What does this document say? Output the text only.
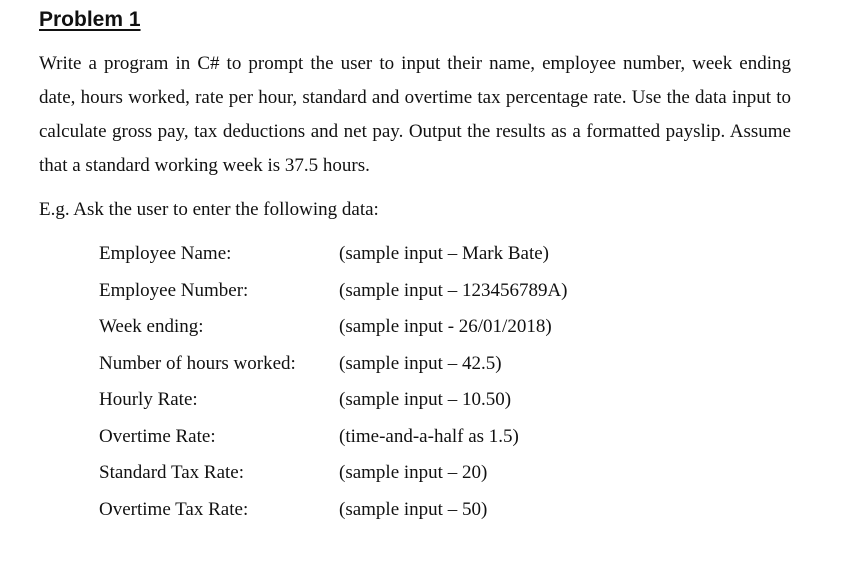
Problem 1

Write a program in C# to prompt the user to input their name, employee number, week ending date, hours worked, rate per hour, standard and overtime tax percentage rate. Use the data input to calculate gross pay, tax deductions and net pay. Output the results as a formatted payslip. Assume that a standard working week is 37.5 hours.

E.g. Ask the user to enter the following data:

Employee Name:	(sample input – Mark Bate)
Employee Number:	(sample input – 123456789A)
Week ending:	(sample input - 26/01/2018)
Number of hours worked:	(sample input – 42.5)
Hourly Rate:	(sample input – 10.50)
Overtime Rate:	(time-and-a-half as 1.5)
Standard Tax Rate:	(sample input – 20)
Overtime Tax Rate:	(sample input – 50)
